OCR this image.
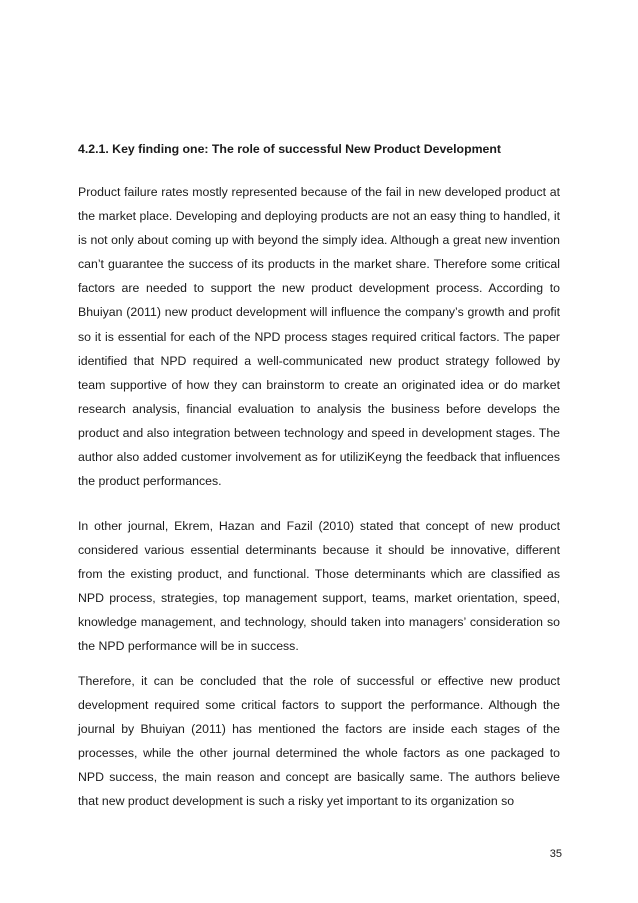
4.2.1. Key finding one: The role of successful New Product Development

Product failure rates mostly represented because of the fail in new developed product at the market place. Developing and deploying products are not an easy thing to handled, it is not only about coming up with beyond the simply idea. Although a great new invention can’t guarantee the success of its products in the market share. Therefore some critical factors are needed to support the new product development process. According to Bhuiyan (2011) new product development will influence the company’s growth and profit so it is essential for each of the NPD process stages required critical factors. The paper identified that NPD required a well-communicated new product strategy followed by team supportive of how they can brainstorm to create an originated idea or do market research analysis, financial evaluation to analysis the business before develops the product and also integration between technology and speed in development stages. The author also added customer involvement as for utiliziKeyng the feedback that influences the product performances.

In other journal, Ekrem, Hazan and Fazil (2010) stated that concept of new product considered various essential determinants because it should be innovative, different from the existing product, and functional. Those determinants which are classified as NPD process, strategies, top management support, teams, market orientation, speed, knowledge management, and technology, should taken into managers’ consideration so the NPD performance will be in success.

Therefore, it can be concluded that the role of successful or effective new product development required some critical factors to support the performance. Although the journal by Bhuiyan (2011) has mentioned the factors are inside each stages of the processes, while the other journal determined the whole factors as one packaged to NPD success, the main reason and concept are basically same. The authors believe that new product development is such a risky yet important to its organization so

35
